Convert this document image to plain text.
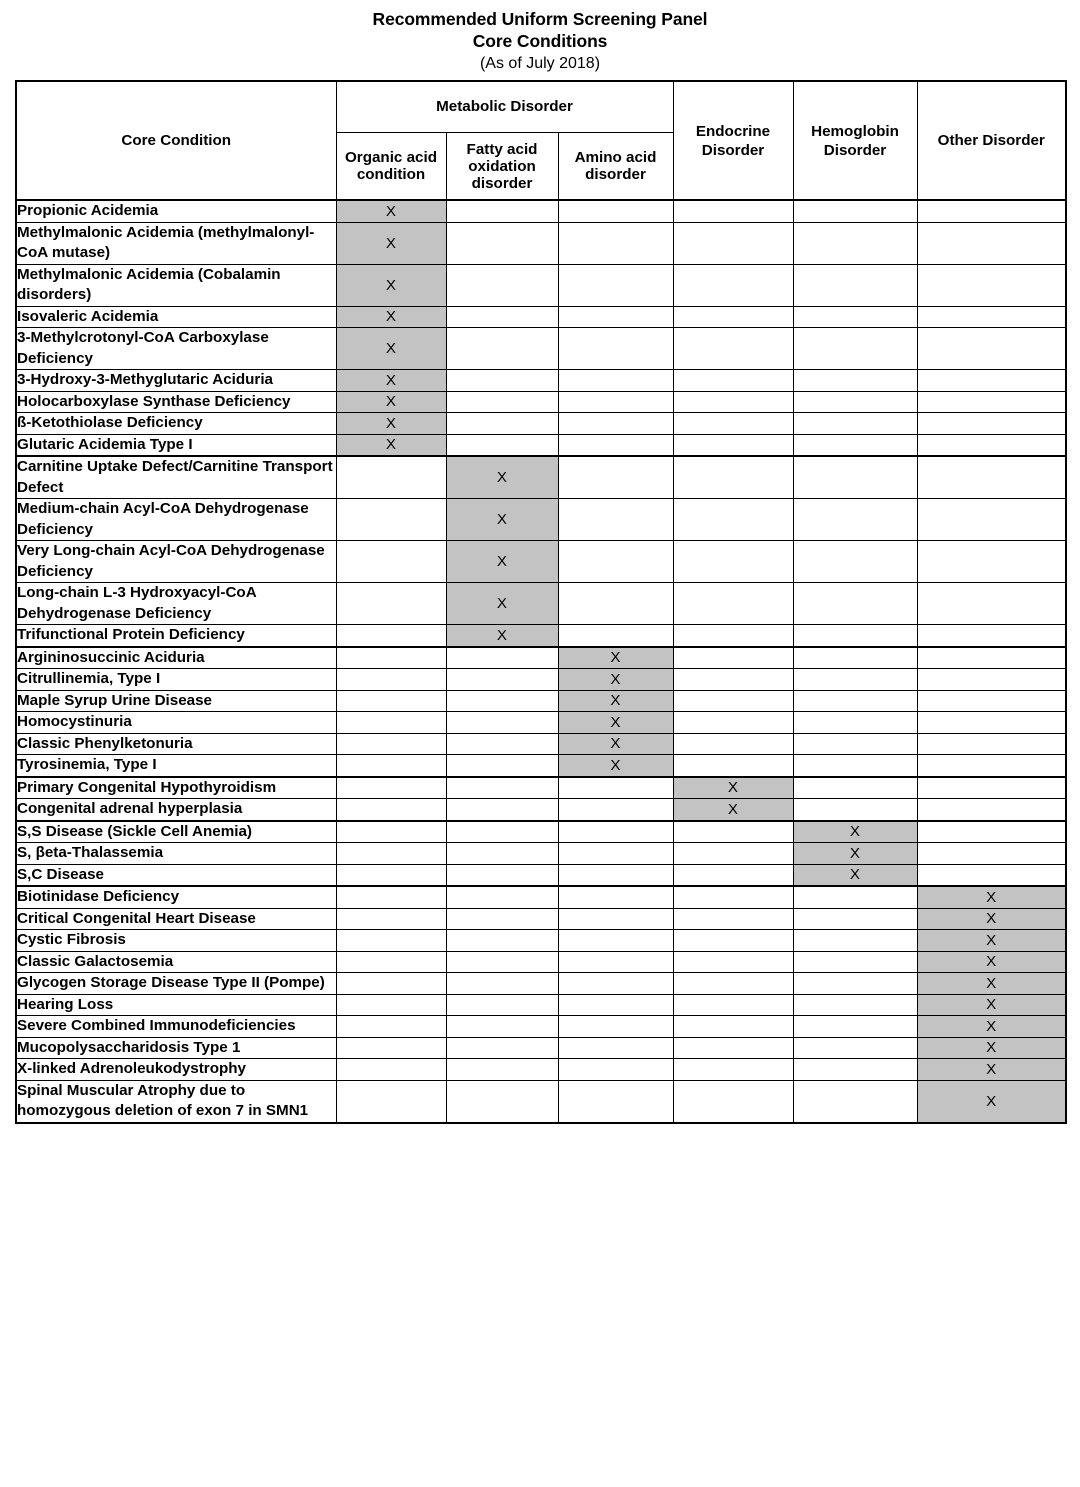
Recommended Uniform Screening Panel
Core Conditions
(As of July 2018)
Core Condition	Metabolic Disorder			Endocrine Disorder	Hemoglobin Disorder	Other Disorder
	Organic acid condition	Fatty acid oxidation disorder	Amino acid disorder			
Propionic Acidemia	X					
Methylmalonic Acidemia (methylmalonyl-CoA mutase)	X					
Methylmalonic Acidemia (Cobalamin disorders)	X					
Isovaleric Acidemia	X					
3-Methylcrotonyl-CoA Carboxylase Deficiency	X					
3-Hydroxy-3-Methyglutaric Aciduria	X					
Holocarboxylase Synthase Deficiency	X					
ß-Ketothiolase Deficiency	X					
Glutaric Acidemia Type I	X					
Carnitine Uptake Defect/Carnitine Transport Defect		X				
Medium-chain Acyl-CoA Dehydrogenase Deficiency		X				
Very Long-chain Acyl-CoA Dehydrogenase Deficiency		X				
Long-chain L-3 Hydroxyacyl-CoA Dehydrogenase Deficiency		X				
Trifunctional Protein Deficiency		X				
Argininosuccinic Aciduria			X			
Citrullinemia, Type I			X			
Maple Syrup Urine Disease			X			
Homocystinuria			X			
Classic Phenylketonuria			X			
Tyrosinemia, Type I			X			
Primary Congenital Hypothyroidism				X		
Congenital adrenal hyperplasia				X		
S,S Disease (Sickle Cell Anemia)					X	
S, βeta-Thalassemia					X	
S,C Disease					X	
Biotinidase Deficiency						X
Critical Congenital Heart Disease						X
Cystic Fibrosis						X
Classic Galactosemia						X
Glycogen Storage Disease Type II (Pompe)						X
Hearing Loss						X
Severe Combined Immunodeficiencies						X
Mucopolysaccharidosis Type 1						X
X-linked Adrenoleukodystrophy						X
Spinal Muscular Atrophy due to homozygous deletion of exon 7 in SMN1						X
